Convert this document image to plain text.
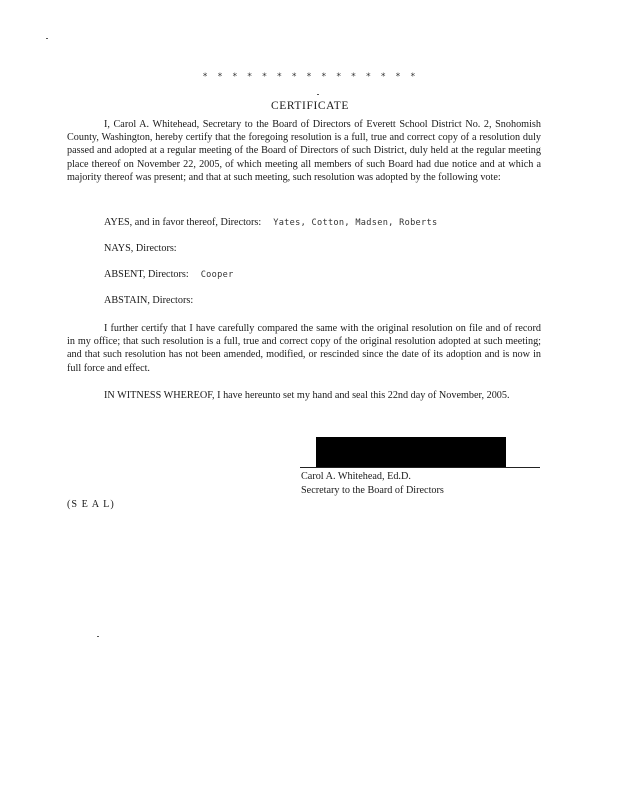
* * * * * * * * * * * * * * *
CERTIFICATE

I, Carol A. Whitehead, Secretary to the Board of Directors of Everett School District No. 2, Snohomish County, Washington, hereby certify that the foregoing resolution is a full, true and correct copy of a resolution duly passed and adopted at a regular meeting of the Board of Directors of such District, duly held at the regular meeting place thereof on November 22, 2005, of which meeting all members of such Board had due notice and at which a majority thereof was present; and that at such meeting, such resolution was adopted by the following vote:

AYES, and in favor thereof, Directors: Yates, Cotton, Madsen, Roberts
NAYS, Directors:
ABSENT, Directors: Cooper
ABSTAIN, Directors:

I further certify that I have carefully compared the same with the original resolution on file and of record in my office; that such resolution is a full, true and correct copy of the original resolution adopted at such meeting; and that such resolution has not been amended, modified, or rescinded since the date of its adoption and is now in full force and effect.

IN WITNESS WHEREOF, I have hereunto set my hand and seal this 22nd day of November, 2005.

Carol A. Whitehead, Ed.D.
Secretary to the Board of Directors
(S E A L)
